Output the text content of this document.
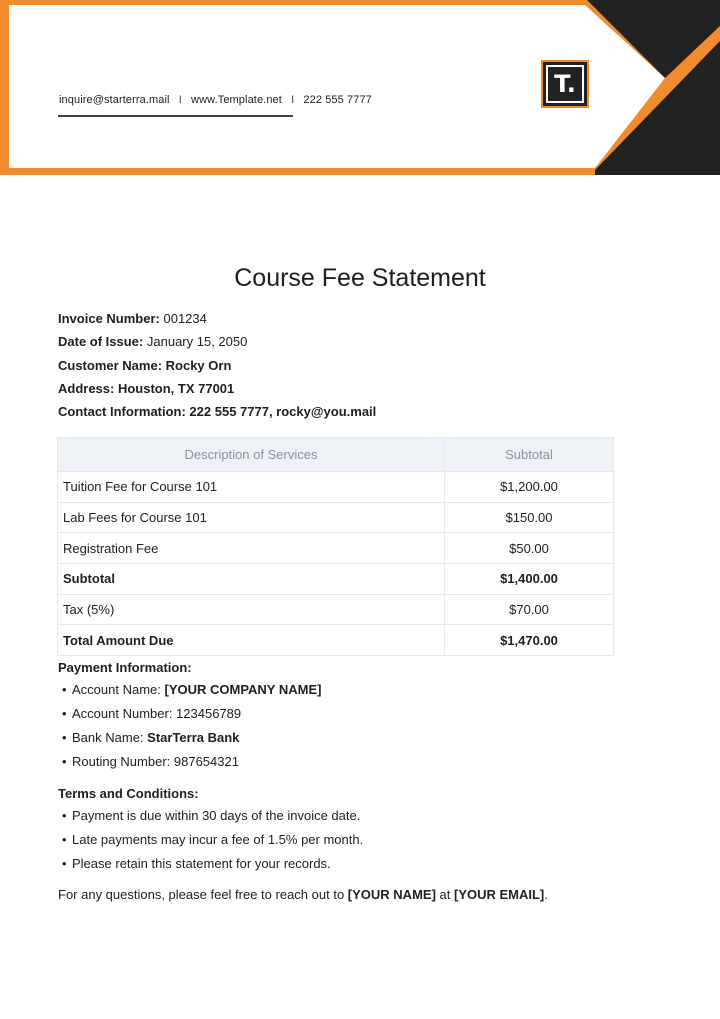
inquire@starterra.mail I www.Template.net I 222 555 7777
T.
Course Fee Statement
Invoice Number: 001234
Date of Issue: January 15, 2050
Customer Name: Rocky Orn
Address: Houston, TX 77001
Contact Information: 222 555 7777, rocky@you.mail
Description of Services	Subtotal
Tuition Fee for Course 101	$1,200.00
Lab Fees for Course 101	$150.00
Registration Fee	$50.00
Subtotal	$1,400.00
Tax (5%)	$70.00
Total Amount Due	$1,470.00
Payment Information:
• Account Name: [YOUR COMPANY NAME]
• Account Number: 123456789
• Bank Name: StarTerra Bank
• Routing Number: 987654321
Terms and Conditions:
• Payment is due within 30 days of the invoice date.
• Late payments may incur a fee of 1.5% per month.
• Please retain this statement for your records.
For any questions, please feel free to reach out to [YOUR NAME] at [YOUR EMAIL].
